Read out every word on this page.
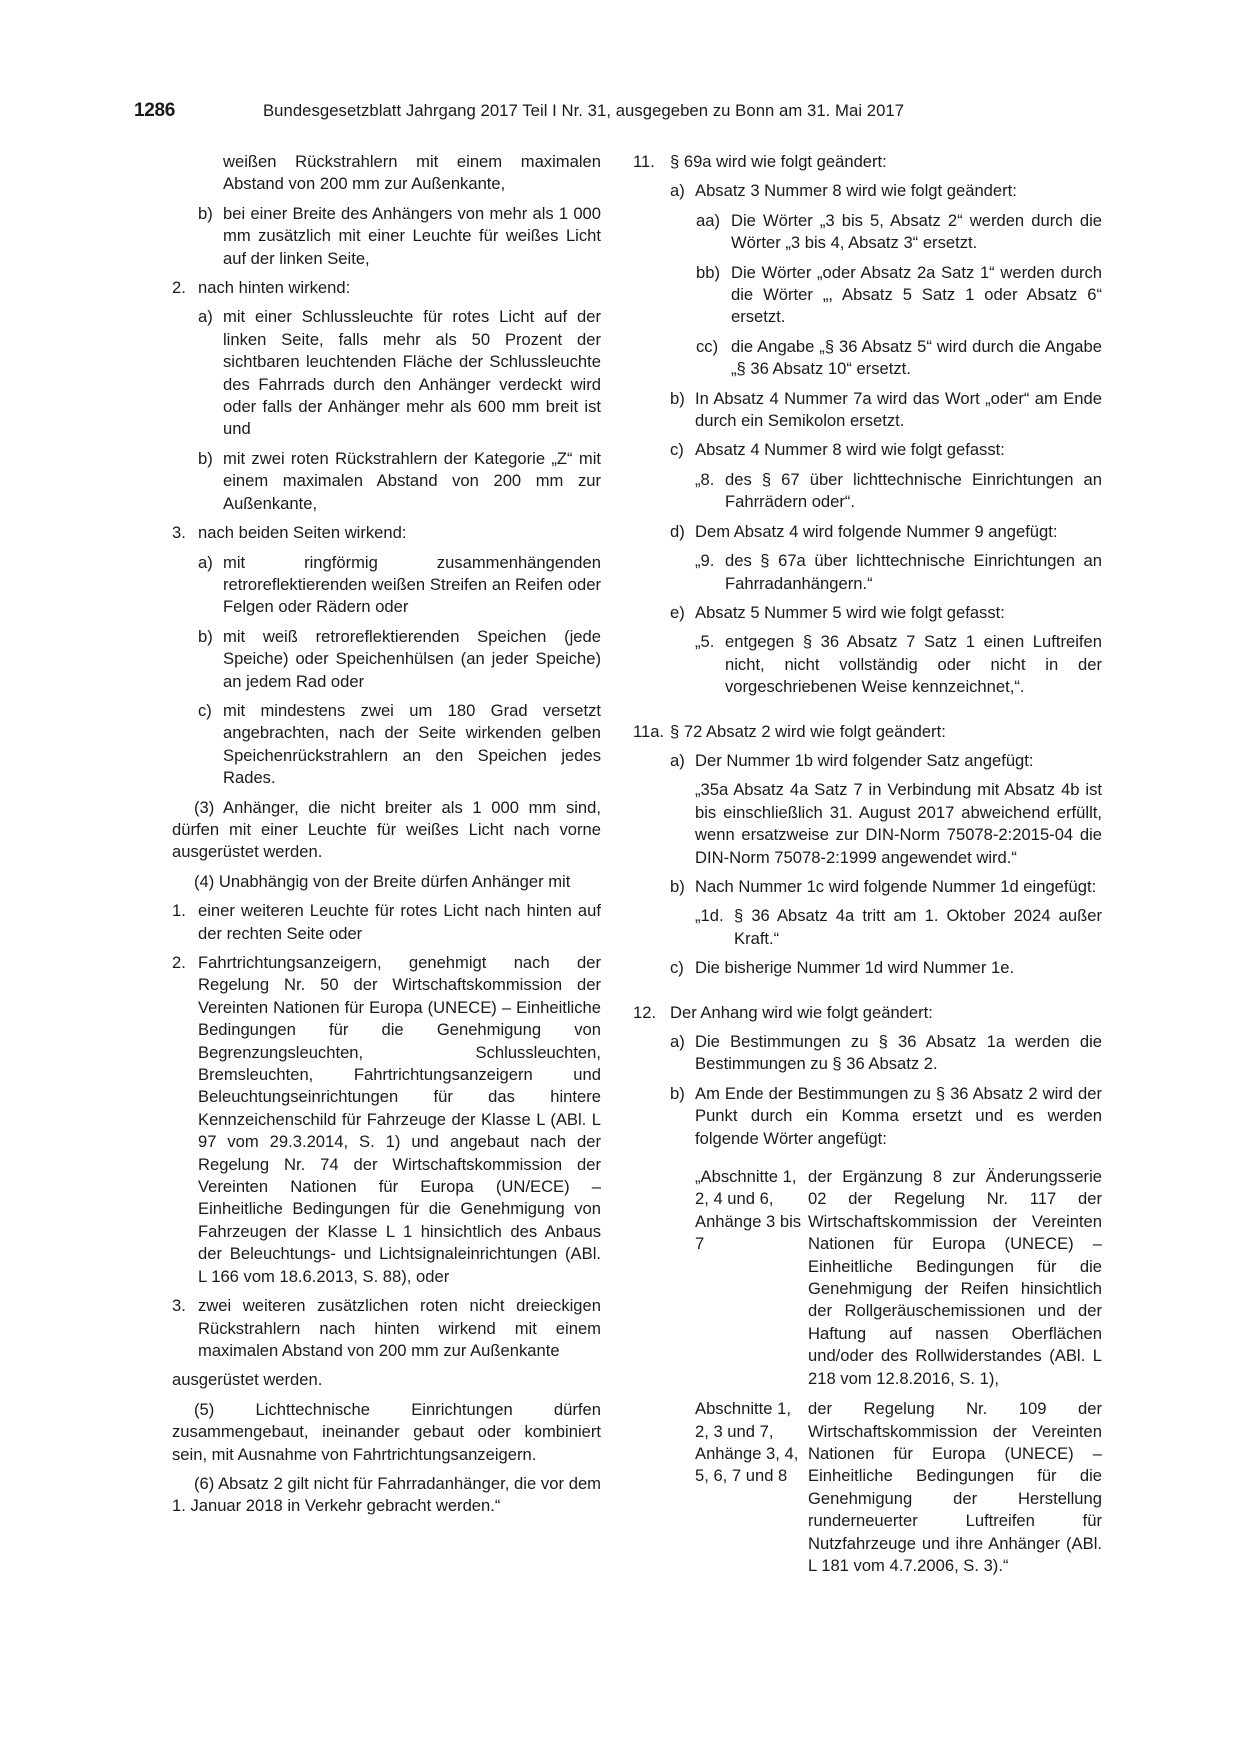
1286	Bundesgesetzblatt Jahrgang 2017 Teil I Nr. 31, ausgegeben zu Bonn am 31. Mai 2017
weißen Rückstrahlern mit einem maximalen Abstand von 200 mm zur Außenkante,
b) bei einer Breite des Anhängers von mehr als 1 000 mm zusätzlich mit einer Leuchte für weißes Licht auf der linken Seite,
2. nach hinten wirkend:
a) mit einer Schlussleuchte für rotes Licht auf der linken Seite, falls mehr als 50 Prozent der sichtbaren leuchtenden Fläche der Schlussleuchte des Fahrrads durch den Anhänger verdeckt wird oder falls der Anhänger mehr als 600 mm breit ist und
b) mit zwei roten Rückstrahlern der Kategorie „Z“ mit einem maximalen Abstand von 200 mm zur Außenkante,
3. nach beiden Seiten wirkend:
a) mit ringförmig zusammenhängenden retroreflektierenden weißen Streifen an Reifen oder Felgen oder Rädern oder
b) mit weiß retroreflektierenden Speichen (jede Speiche) oder Speichenhülsen (an jeder Speiche) an jedem Rad oder
c) mit mindestens zwei um 180 Grad versetzt angebrachten, nach der Seite wirkenden gelben Speichenrückstrahlern an den Speichen jedes Rades.
(3) Anhänger, die nicht breiter als 1 000 mm sind, dürfen mit einer Leuchte für weißes Licht nach vorne ausgerüstet werden.
(4) Unabhängig von der Breite dürfen Anhänger mit
1. einer weiteren Leuchte für rotes Licht nach hinten auf der rechten Seite oder
2. Fahrtrichtungsanzeigern, genehmigt nach der Regelung Nr. 50 der Wirtschaftskommission der Vereinten Nationen für Europa (UNECE) – Einheitliche Bedingungen für die Genehmigung von Begrenzungsleuchten, Schlussleuchten, Bremsleuchten, Fahrtrichtungsanzeigern und Beleuchtungseinrichtungen für das hintere Kennzeichenschild für Fahrzeuge der Klasse L (ABl. L 97 vom 29.3.2014, S. 1) und angebaut nach der Regelung Nr. 74 der Wirtschaftskommission der Vereinten Nationen für Europa (UN/ECE) – Einheitliche Bedingungen für die Genehmigung von Fahrzeugen der Klasse L 1 hinsichtlich des Anbaus der Beleuchtungs- und Lichtsignaleinrichtungen (ABl. L 166 vom 18.6.2013, S. 88), oder
3. zwei weiteren zusätzlichen roten nicht dreieckigen Rückstrahlern nach hinten wirkend mit einem maximalen Abstand von 200 mm zur Außenkante
ausgerüstet werden.
(5) Lichttechnische Einrichtungen dürfen zusammengebaut, ineinander gebaut oder kombiniert sein, mit Ausnahme von Fahrtrichtungsanzeigern.
(6) Absatz 2 gilt nicht für Fahrradanhänger, die vor dem 1. Januar 2018 in Verkehr gebracht werden.“
11. § 69a wird wie folgt geändert:
a) Absatz 3 Nummer 8 wird wie folgt geändert:
aa) Die Wörter „3 bis 5, Absatz 2“ werden durch die Wörter „3 bis 4, Absatz 3“ ersetzt.
bb) Die Wörter „oder Absatz 2a Satz 1“ werden durch die Wörter „, Absatz 5 Satz 1 oder Absatz 6“ ersetzt.
cc) die Angabe „§ 36 Absatz 5“ wird durch die Angabe „§ 36 Absatz 10“ ersetzt.
b) In Absatz 4 Nummer 7a wird das Wort „oder“ am Ende durch ein Semikolon ersetzt.
c) Absatz 4 Nummer 8 wird wie folgt gefasst:
„8. des § 67 über lichttechnische Einrichtungen an Fahrrädern oder“.
d) Dem Absatz 4 wird folgende Nummer 9 angefügt:
„9. des § 67a über lichttechnische Einrichtungen an Fahrradanhängern.“
e) Absatz 5 Nummer 5 wird wie folgt gefasst:
„5. entgegen § 36 Absatz 7 Satz 1 einen Luftreifen nicht, nicht vollständig oder nicht in der vorgeschriebenen Weise kennzeichnet,“.
11a. § 72 Absatz 2 wird wie folgt geändert:
a) Der Nummer 1b wird folgender Satz angefügt:
„35a Absatz 4a Satz 7 in Verbindung mit Absatz 4b ist bis einschließlich 31. August 2017 abweichend erfüllt, wenn ersatzweise zur DIN-Norm 75078-2:2015-04 die DIN-Norm 75078-2:1999 angewendet wird.“
b) Nach Nummer 1c wird folgende Nummer 1d eingefügt:
„1d. § 36 Absatz 4a tritt am 1. Oktober 2024 außer Kraft.“
c) Die bisherige Nummer 1d wird Nummer 1e.
12. Der Anhang wird wie folgt geändert:
a) Die Bestimmungen zu § 36 Absatz 1a werden die Bestimmungen zu § 36 Absatz 2.
b) Am Ende der Bestimmungen zu § 36 Absatz 2 wird der Punkt durch ein Komma ersetzt und es werden folgende Wörter angefügt:
„Abschnitte 1, 2, 4 und 6, Anhänge 3 bis 7
der Ergänzung 8 zur Änderungsserie 02 der Regelung Nr. 117 der Wirtschaftskommission der Vereinten Nationen für Europa (UNECE) – Einheitliche Bedingungen für die Genehmigung der Reifen hinsichtlich der Rollgeräuschemissionen und der Haftung auf nassen Oberflächen und/oder des Rollwiderstandes (ABl. L 218 vom 12.8.2016, S. 1),
Abschnitte 1, 2, 3 und 7, Anhänge 3, 4, 5, 6, 7 und 8
der Regelung Nr. 109 der Wirtschaftskommission der Vereinten Nationen für Europa (UNECE) – Einheitliche Bedingungen für die Genehmigung der Herstellung runderneuerter Luftreifen für Nutzfahrzeuge und ihre Anhänger (ABl. L 181 vom 4.7.2006, S. 3).“
